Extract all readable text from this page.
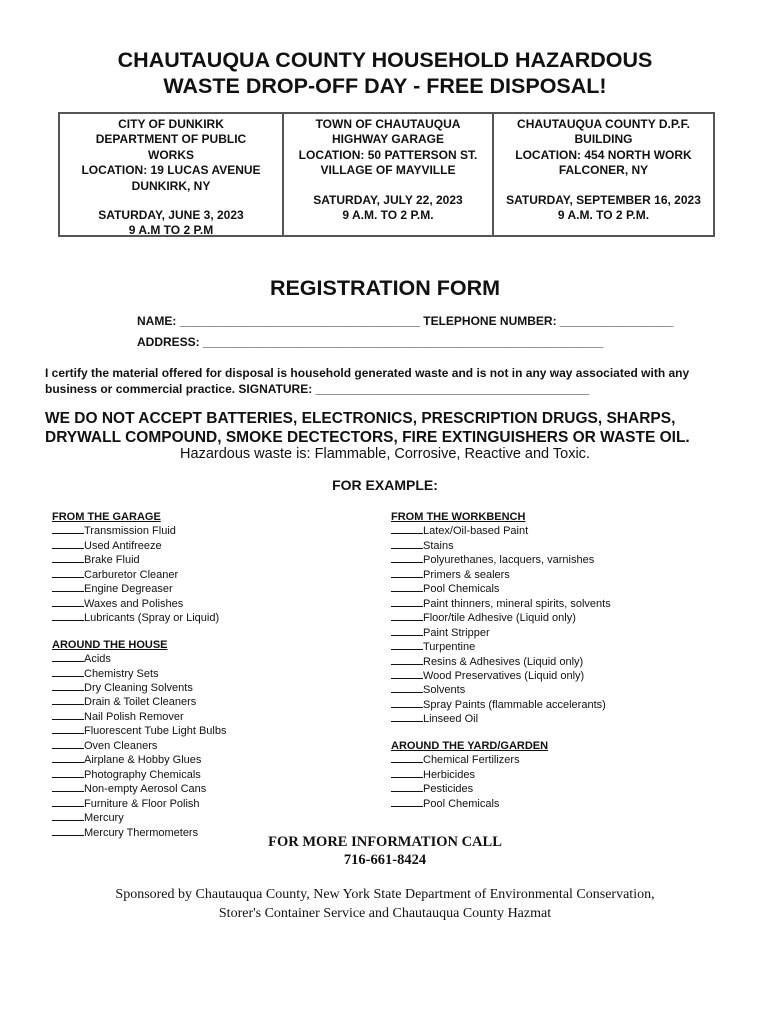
CHAUTAUQUA COUNTY HOUSEHOLD HAZARDOUS
WASTE DROP-OFF DAY - FREE DISPOSAL!
CITY OF DUNKIRK
DEPARTMENT OF PUBLIC
WORKS
LOCATION: 19 LUCAS AVENUE
DUNKIRK, NY
SATURDAY, JUNE 3, 2023
9 A.M TO 2 P.M
TOWN OF CHAUTAUQUA
HIGHWAY GARAGE
LOCATION: 50 PATTERSON ST.
VILLAGE OF MAYVILLE
SATURDAY, JULY 22, 2023
9 A.M. TO 2 P.M.
CHAUTAUQUA COUNTY D.P.F.
BUILDING
LOCATION: 454 NORTH WORK
FALCONER, NY
SATURDAY, SEPTEMBER 16, 2023
9 A.M. TO 2 P.M.
REGISTRATION FORM
NAME: ____________________________________ TELEPHONE NUMBER: _________________
ADDRESS: ____________________________________________________________
I certify the material offered for disposal is household generated waste and is not in any way associated with any
business or commercial practice. SIGNATURE: _________________________________________
WE DO NOT ACCEPT BATTERIES, ELECTRONICS, PRESCRIPTION DRUGS, SHARPS,
DRYWALL COMPOUND, SMOKE DECTECTORS, FIRE EXTINGUISHERS OR WASTE OIL.
Hazardous waste is: Flammable, Corrosive, Reactive and Toxic.
FOR EXAMPLE:
FROM THE GARAGE
Transmission Fluid
Used Antifreeze
Brake Fluid
Carburetor Cleaner
Engine Degreaser
Waxes and Polishes
Lubricants (Spray or Liquid)
AROUND THE HOUSE
Acids
Chemistry Sets
Dry Cleaning Solvents
Drain & Toilet Cleaners
Nail Polish Remover
Fluorescent Tube Light Bulbs
Oven Cleaners
Airplane & Hobby Glues
Photography Chemicals
Non-empty Aerosol Cans
Furniture & Floor Polish
Mercury
Mercury Thermometers
FROM THE WORKBENCH
Latex/Oil-based Paint
Stains
Polyurethanes, lacquers, varnishes
Primers & sealers
Pool Chemicals
Paint thinners, mineral spirits, solvents
Floor/tile Adhesive (Liquid only)
Paint Stripper
Turpentine
Resins & Adhesives (Liquid only)
Wood Preservatives (Liquid only)
Solvents
Spray Paints (flammable accelerants)
Linseed Oil
AROUND THE YARD/GARDEN
Chemical Fertilizers
Herbicides
Pesticides
Pool Chemicals
FOR MORE INFORMATION CALL
716-661-8424
Sponsored by Chautauqua County, New York State Department of Environmental Conservation,
Storer's Container Service and Chautauqua County Hazmat
